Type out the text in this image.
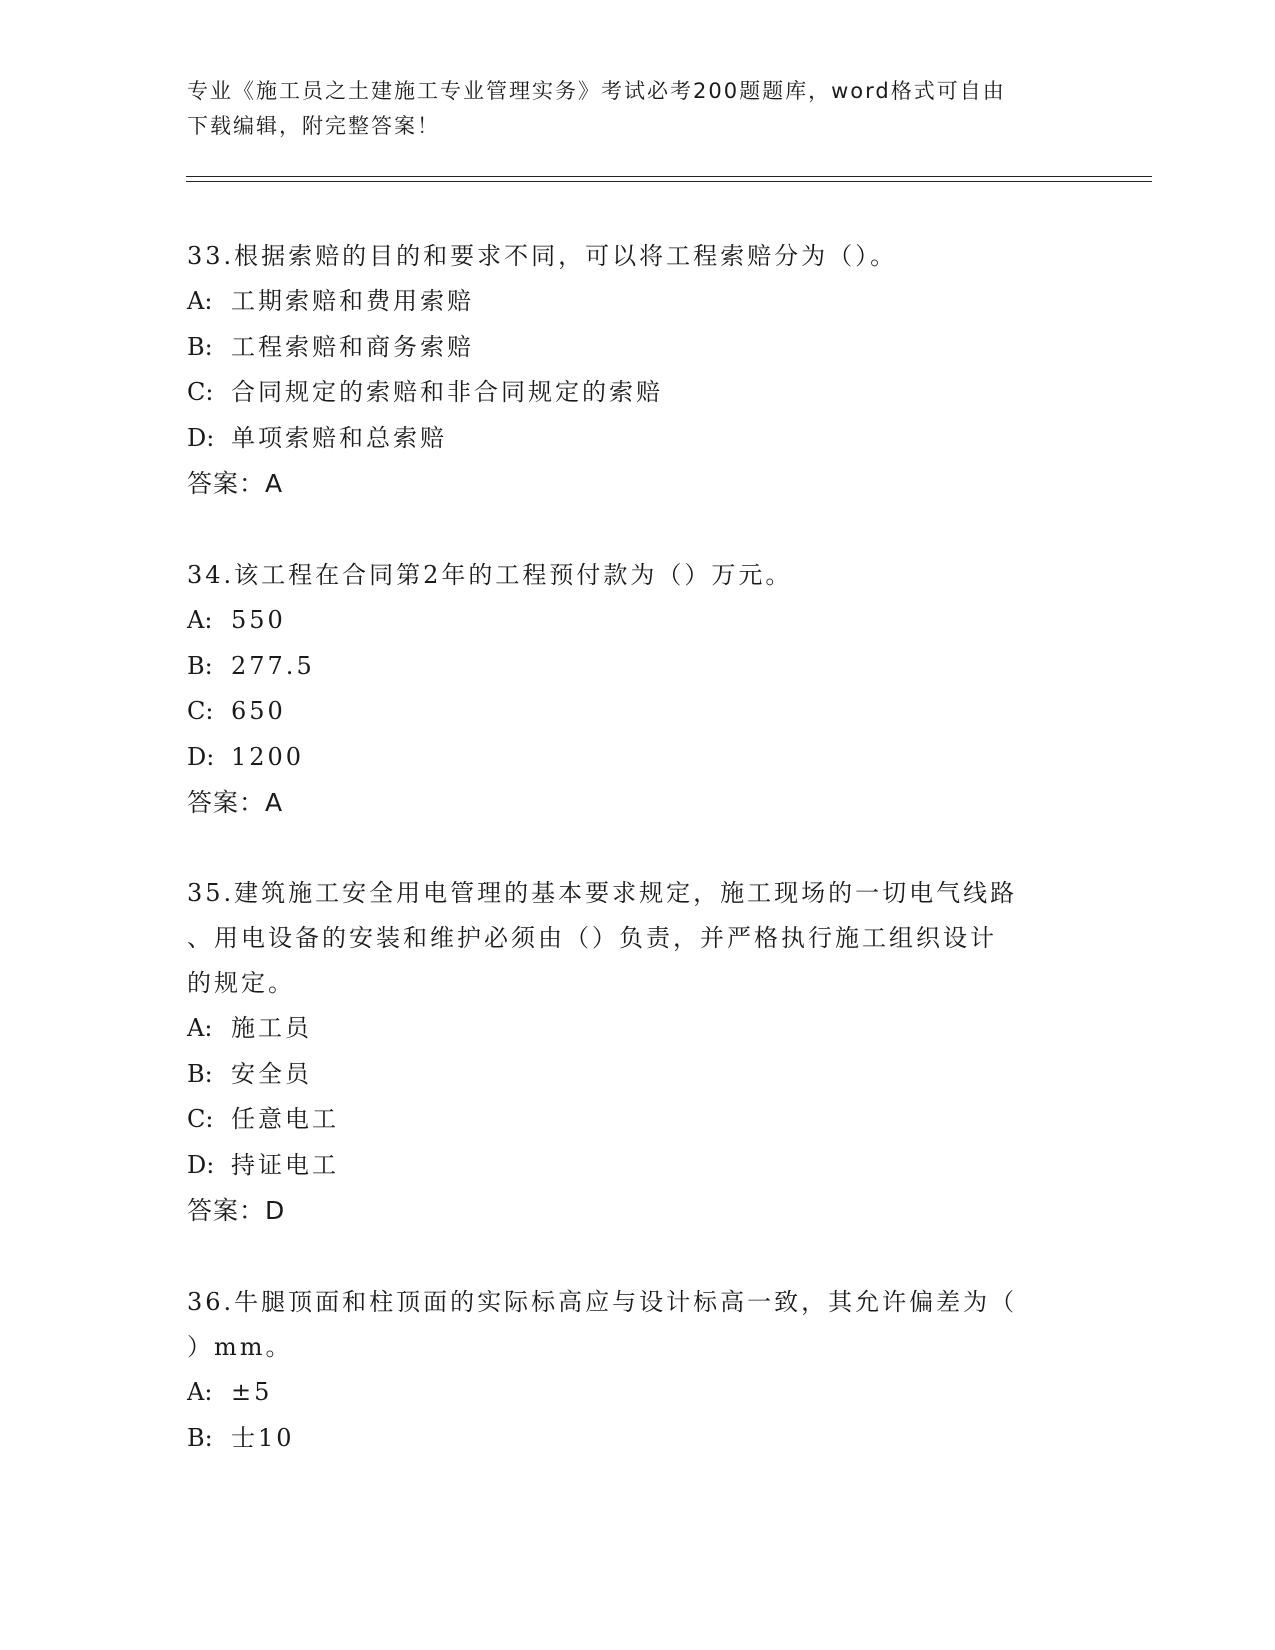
专业《施工员之土建施工专业管理实务》考试必考200题题库，word格式可自由
下载编辑，附完整答案！

33.根据索赔的目的和要求不同，可以将工程索赔分为（）。

A: 工期索赔和费用索赔

B: 工程索赔和商务索赔

C: 合同规定的索赔和非合同规定的索赔

D: 单项索赔和总索赔

答案：A

34.该工程在合同第2年的工程预付款为（）万元。

A: 550

B: 277.5

C: 650

D: 1200

答案：A

35.建筑施工安全用电管理的基本要求规定，施工现场的一切电气线路

、用电设备的安装和维护必须由（）负责，并严格执行施工组织设计

的规定。

A: 施工员

B: 安全员

C: 任意电工

D: 持证电工

答案：D

36.牛腿顶面和柱顶面的实际标高应与设计标高一致，其允许偏差为（

）mm。

A: ±5

B: 士10
